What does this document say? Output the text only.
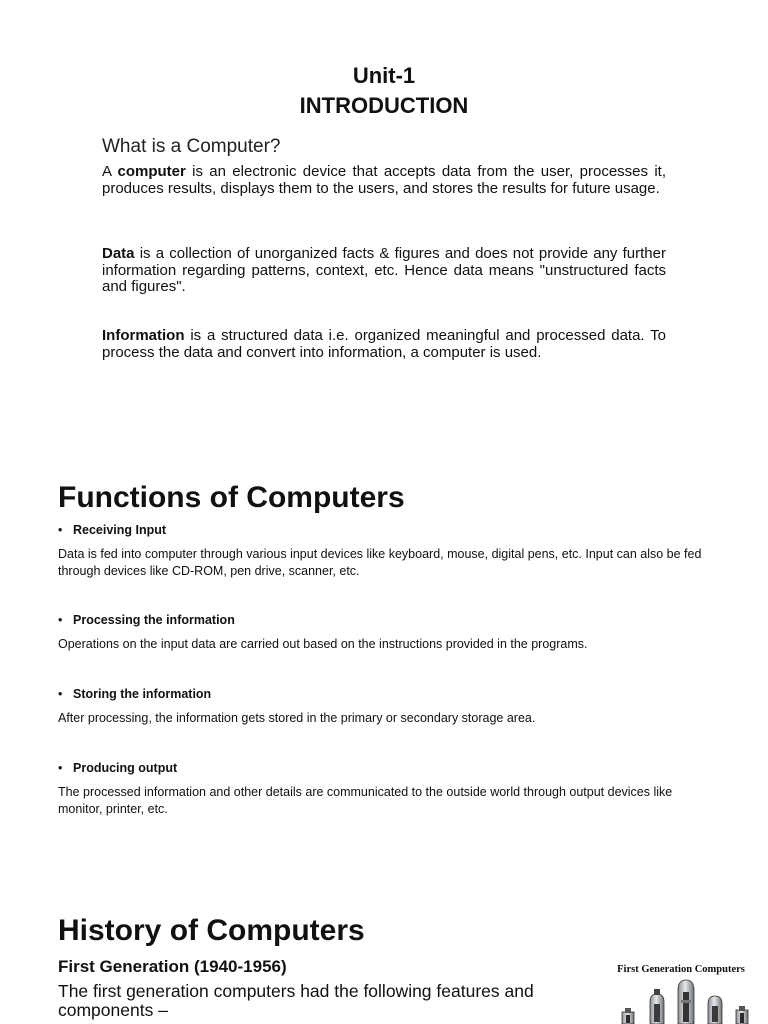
Unit-1
INTRODUCTION
What is a Computer?
A computer is an electronic device that accepts data from the user, processes it, produces results, displays them to the users, and stores the results for future usage.
Data is a collection of unorganized facts & figures and does not provide any further information regarding patterns, context, etc. Hence data means "unstructured facts and figures".
Information is a structured data i.e. organized meaningful and processed data. To process the data and convert into information, a computer is used.
Functions of Computers
• Receiving Input
Data is fed into computer through various input devices like keyboard, mouse, digital pens, etc. Input can also be fed through devices like CD-ROM, pen drive, scanner, etc.
• Processing the information
Operations on the input data are carried out based on the instructions provided in the programs.
• Storing the information
After processing, the information gets stored in the primary or secondary storage area.
• Producing output
The processed information and other details are communicated to the outside world through output devices like monitor, printer, etc.
History of Computers
First Generation (1940-1956)
The first generation computers had the following features and components –
First Generation Computers
